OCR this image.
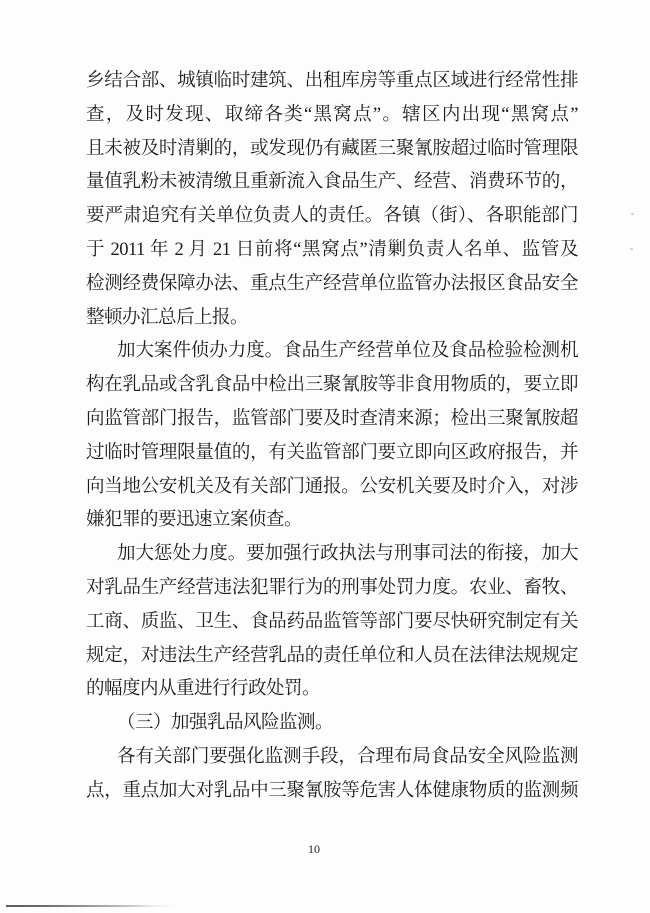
乡结合部、城镇临时建筑、出租库房等重点区域进行经常性排
查，及时发现、取缔各类“黑窝点”。辖区内出现“黑窝点”
且未被及时清剿的，或发现仍有藏匿三聚氰胺超过临时管理限
量值乳粉未被清缴且重新流入食品生产、经营、消费环节的，
要严肃追究有关单位负责人的责任。各镇（街）、各职能部门
于 2011 年 2 月 21 日前将“黑窝点”清剿负责人名单、监管及
检测经费保障办法、重点生产经营单位监管办法报区食品安全
整顿办汇总后上报。
加大案件侦办力度。食品生产经营单位及食品检验检测机
构在乳品或含乳食品中检出三聚氰胺等非食用物质的，要立即
向监管部门报告，监管部门要及时查清来源；检出三聚氰胺超
过临时管理限量值的，有关监管部门要立即向区政府报告，并
向当地公安机关及有关部门通报。公安机关要及时介入，对涉
嫌犯罪的要迅速立案侦查。
加大惩处力度。要加强行政执法与刑事司法的衔接，加大
对乳品生产经营违法犯罪行为的刑事处罚力度。农业、畜牧、
工商、质监、卫生、食品药品监管等部门要尽快研究制定有关
规定，对违法生产经营乳品的责任单位和人员在法律法规规定
的幅度内从重进行行政处罚。
（三）加强乳品风险监测。
各有关部门要强化监测手段，合理布局食品安全风险监测
点，重点加大对乳品中三聚氰胺等危害人体健康物质的监测频
10
